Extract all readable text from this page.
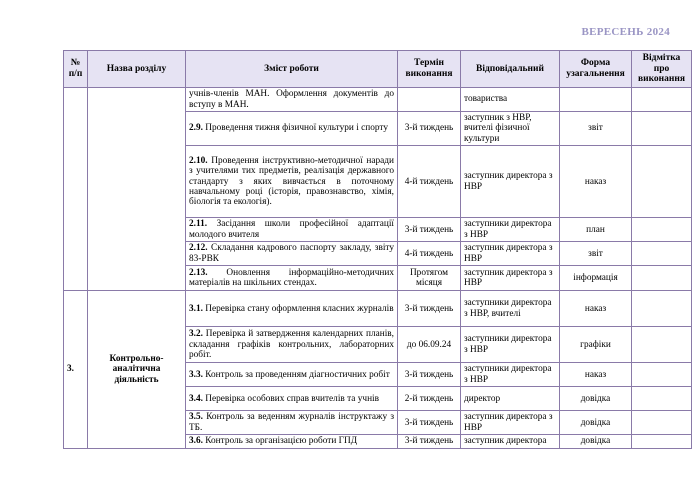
ВЕРЕСЕНЬ 2024
№ п/п	Назва розділу	Зміст роботи	Термін виконання	Відповідальний	Форма узагальнення	Відмітка про виконання
		учнів-членів МАН. Оформлення документів до вступу в МАН.		товариства		
		2.9. Проведення тижня фізичної культури і спорту	3-й тиждень	заступник з НВР, вчителі фізичної культури	звіт	
		2.10. Проведення інструктивно-методичної наради з учителями тих предметів, реалізація державного стандарту з яких вивчається в поточному навчальному році (історія, правознавство, хімія, біологія та екологія).	4-й тиждень	заступник директора з НВР	наказ	
		2.11. Засідання школи професійної адаптації молодого вчителя	3-й тиждень	заступники директора з НВР	план	
		2.12. Складання кадрового паспорту закладу, звіту 83-РВК	4-й тиждень	заступник директора з НВР	звіт	
		2.13. Оновлення інформаційно-методичних матеріалів на шкільних стендах.	Протягом місяця	заступник директора з НВР	інформація	
3.	Контрольно-аналітична діяльність	3.1. Перевірка стану оформлення класних журналів	3-й тиждень	заступники директора з НВР, вчителі	наказ	
		3.2. Перевірка й затвердження календарних планів, складання графіків контрольних, лабораторних робіт.	до 06.09.24	заступники директора з НВР	графіки	
		3.3. Контроль за проведенням діагностичних робіт	3-й тиждень	заступники директора з НВР	наказ	
		3.4. Перевірка особових справ вчителів та учнів	2-й тиждень	директор	довідка	
		3.5. Контроль за веденням журналів інструктажу з ТБ.	3-й тиждень	заступник директора з НВР	довідка	
		3.6. Контроль за організацією роботи ГПД	3-й тиждень	заступник директора	довідка	
